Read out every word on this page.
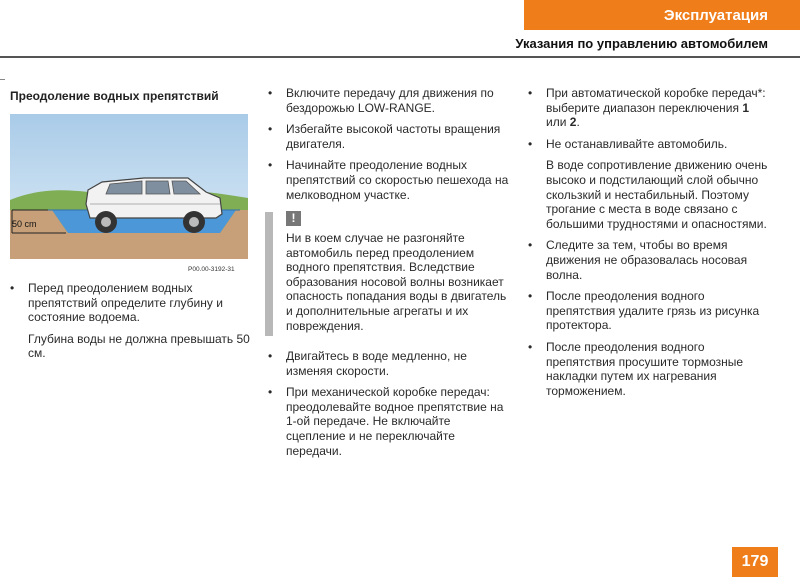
Эксплуатация
Указания по управлению автомобилем
Преодоление водных препятствий
50 cm
P00.00-3192-31

• Перед преодолением водных препятствий определите глубину и состояние водоема.

Глубина воды не должна превышать 50 см.

• Включите передачу для движения по бездорожью LOW-RANGE.

• Избегайте высокой частоты вращения двигателя.

• Начинайте преодоление водных препятствий со скоростью пешехода на мелководном участке.

!

Ни в коем случае не разгоняйте автомобиль перед преодолением водного препятствия. Вследствие образования носовой волны возникает опасность попадания воды в двигатель и дополнительные агрегаты и их повреждения.

• Двигайтесь в воде медленно, не изменяя скорости.

• При механической коробке передач: преодолевайте водное препятствие на 1-ой передаче. Не включайте сцепление и не переключайте передачи.

• При автоматической коробке передач*: выберите диапазон переключения 1 или 2.

• Не останавливайте автомобиль.

В воде сопротивление движению очень высоко и подстилающий слой обычно скользкий и нестабильный. Поэтому трогание с места в воде связано с большими трудностями и опасностями.

• Следите за тем, чтобы во время движения не образовалась носовая волна.

• После преодоления водного препятствия удалите грязь из рисунка протектора.

• После преодоления водного препятствия просушите тормозные накладки путем их нагревания торможением.

179
